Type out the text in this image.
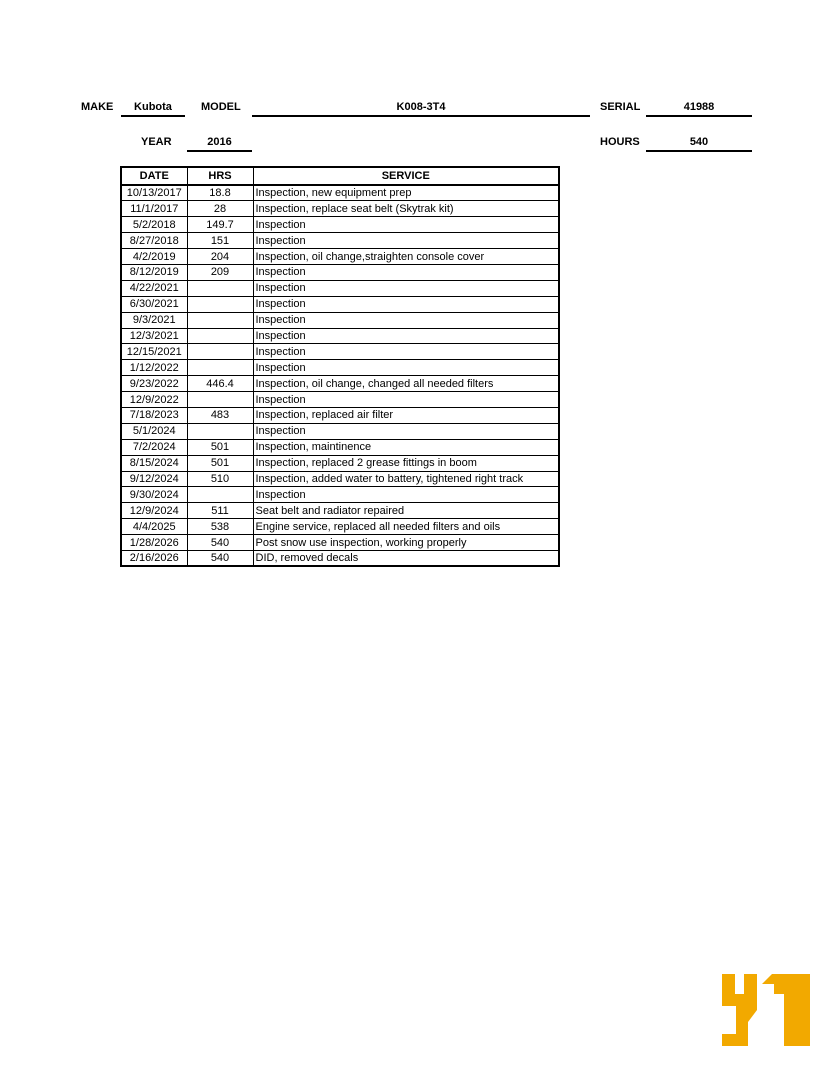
MAKE	Kubota	MODEL	K008-3T4	SERIAL	41988
YEAR	2016	HOURS	540
DATE	HRS	SERVICE
10/13/2017	18.8	Inspection, new equipment prep
11/1/2017	28	Inspection, replace seat belt (Skytrak kit)
5/2/2018	149.7	Inspection
8/27/2018	151	Inspection
4/2/2019	204	Inspection, oil change,straighten console cover
8/12/2019	209	Inspection
4/22/2021		Inspection
6/30/2021		Inspection
9/3/2021		Inspection
12/3/2021		Inspection
12/15/2021		Inspection
1/12/2022		Inspection
9/23/2022	446.4	Inspection, oil change, changed all needed filters
12/9/2022		Inspection
7/18/2023	483	Inspection, replaced air filter
5/1/2024		Inspection
7/2/2024	501	Inspection, maintinence
8/15/2024	501	Inspection, replaced 2 grease fittings in boom
9/12/2024	510	Inspection, added water to battery, tightened right track
9/30/2024		Inspection
12/9/2024	511	Seat belt and radiator repaired
4/4/2025	538	Engine service, replaced all needed filters and oils
1/28/2026	540	Post snow use inspection, working properly
2/16/2026	540	DID, removed decals
